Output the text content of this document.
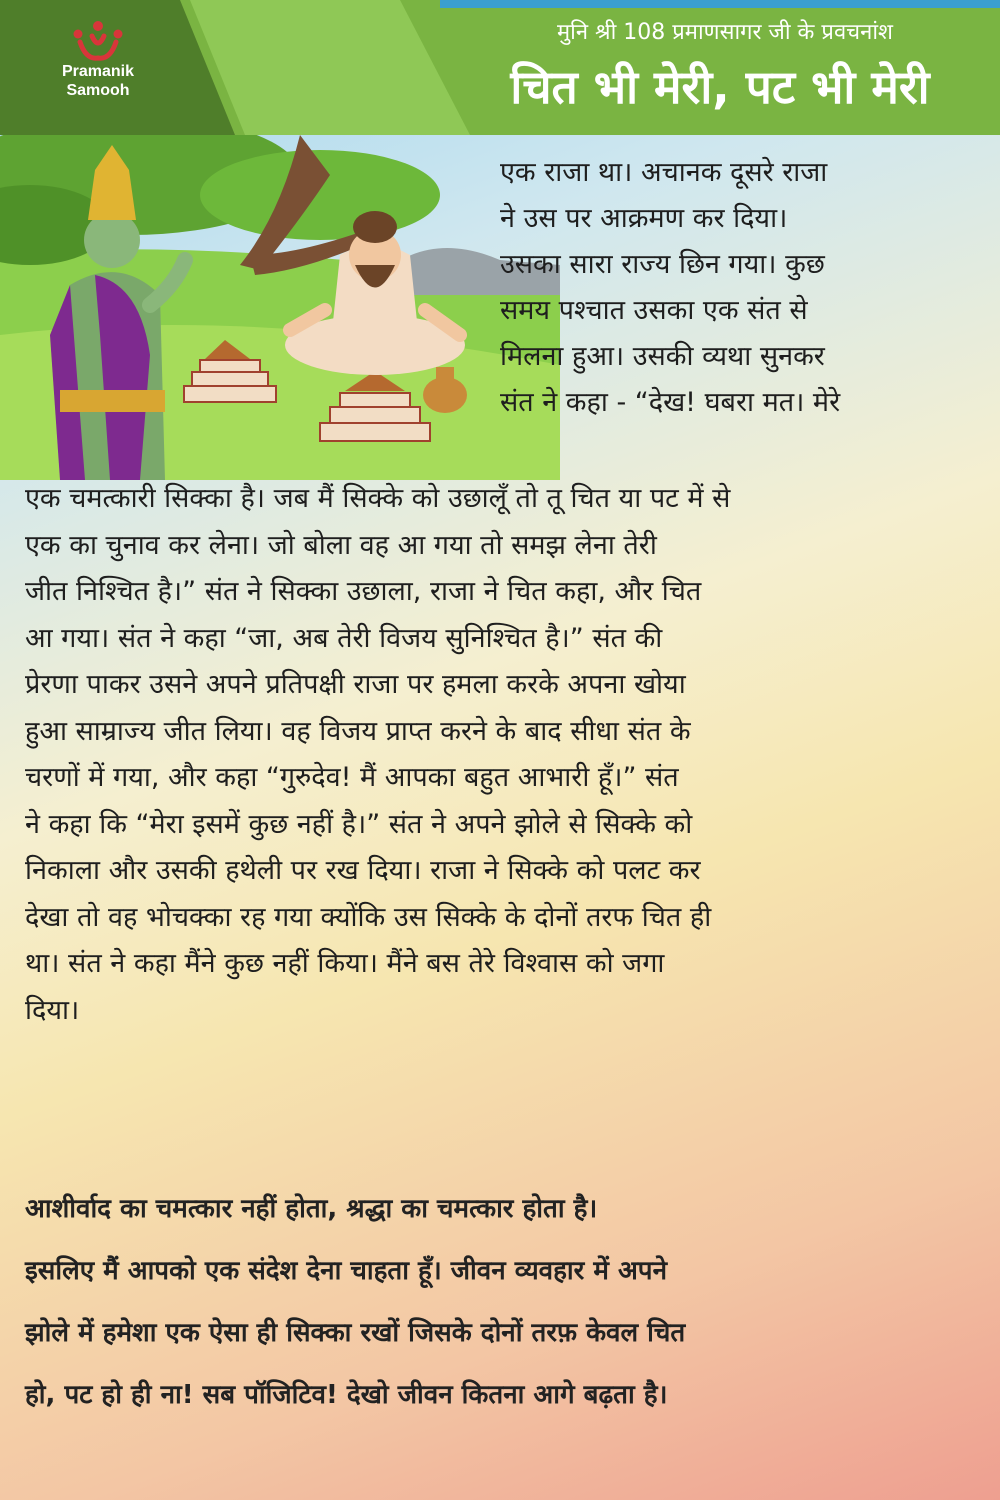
Pramanik
Samooh
मुनि श्री 108 प्रमाणसागर जी के प्रवचनांश
चित भी मेरी, पट भी मेरी
एक राजा था। अचानक दूसरे राजा
ने उस पर आक्रमण कर दिया।
उसका सारा राज्य छिन गया। कुछ
समय पश्चात उसका एक संत से
मिलना हुआ। उसकी व्यथा सुनकर
संत ने कहा - “देख! घबरा मत। मेरे
एक चमत्कारी सिक्का है। जब मैं सिक्के को उछालूँ तो तू चित या पट में से
एक का चुनाव कर लेना। जो बोला वह आ गया तो समझ लेना तेरी
जीत निश्चित है।” संत ने सिक्का उछाला, राजा ने चित कहा, और चित
आ गया। संत ने कहा “जा, अब तेरी विजय सुनिश्चित है।” संत की
प्रेरणा पाकर उसने अपने प्रतिपक्षी राजा पर हमला करके अपना खोया
हुआ साम्राज्य जीत लिया। वह विजय प्राप्त करने के बाद सीधा संत के
चरणों में गया, और कहा “गुरुदेव! मैं आपका बहुत आभारी हूँ।” संत
ने कहा कि “मेरा इसमें कुछ नहीं है।” संत ने अपने झोले से सिक्के को
निकाला और उसकी हथेली पर रख दिया। राजा ने सिक्के को पलट कर
देखा तो वह भोचक्का रह गया क्योंकि उस सिक्के के दोनों तरफ चित ही
था। संत ने कहा मैंने कुछ नहीं किया। मैंने बस तेरे विश्वास को जगा
दिया।
आशीर्वाद का चमत्कार नहीं होता, श्रद्धा का चमत्कार होता है।
इसलिए मैं आपको एक संदेश देना चाहता हूँ। जीवन व्यवहार में अपने
झोले में हमेशा एक ऐसा ही सिक्का रखों जिसके दोनों तरफ़ केवल चित
हो, पट हो ही ना! सब पॉजिटिव! देखो जीवन कितना आगे बढ़ता है।
